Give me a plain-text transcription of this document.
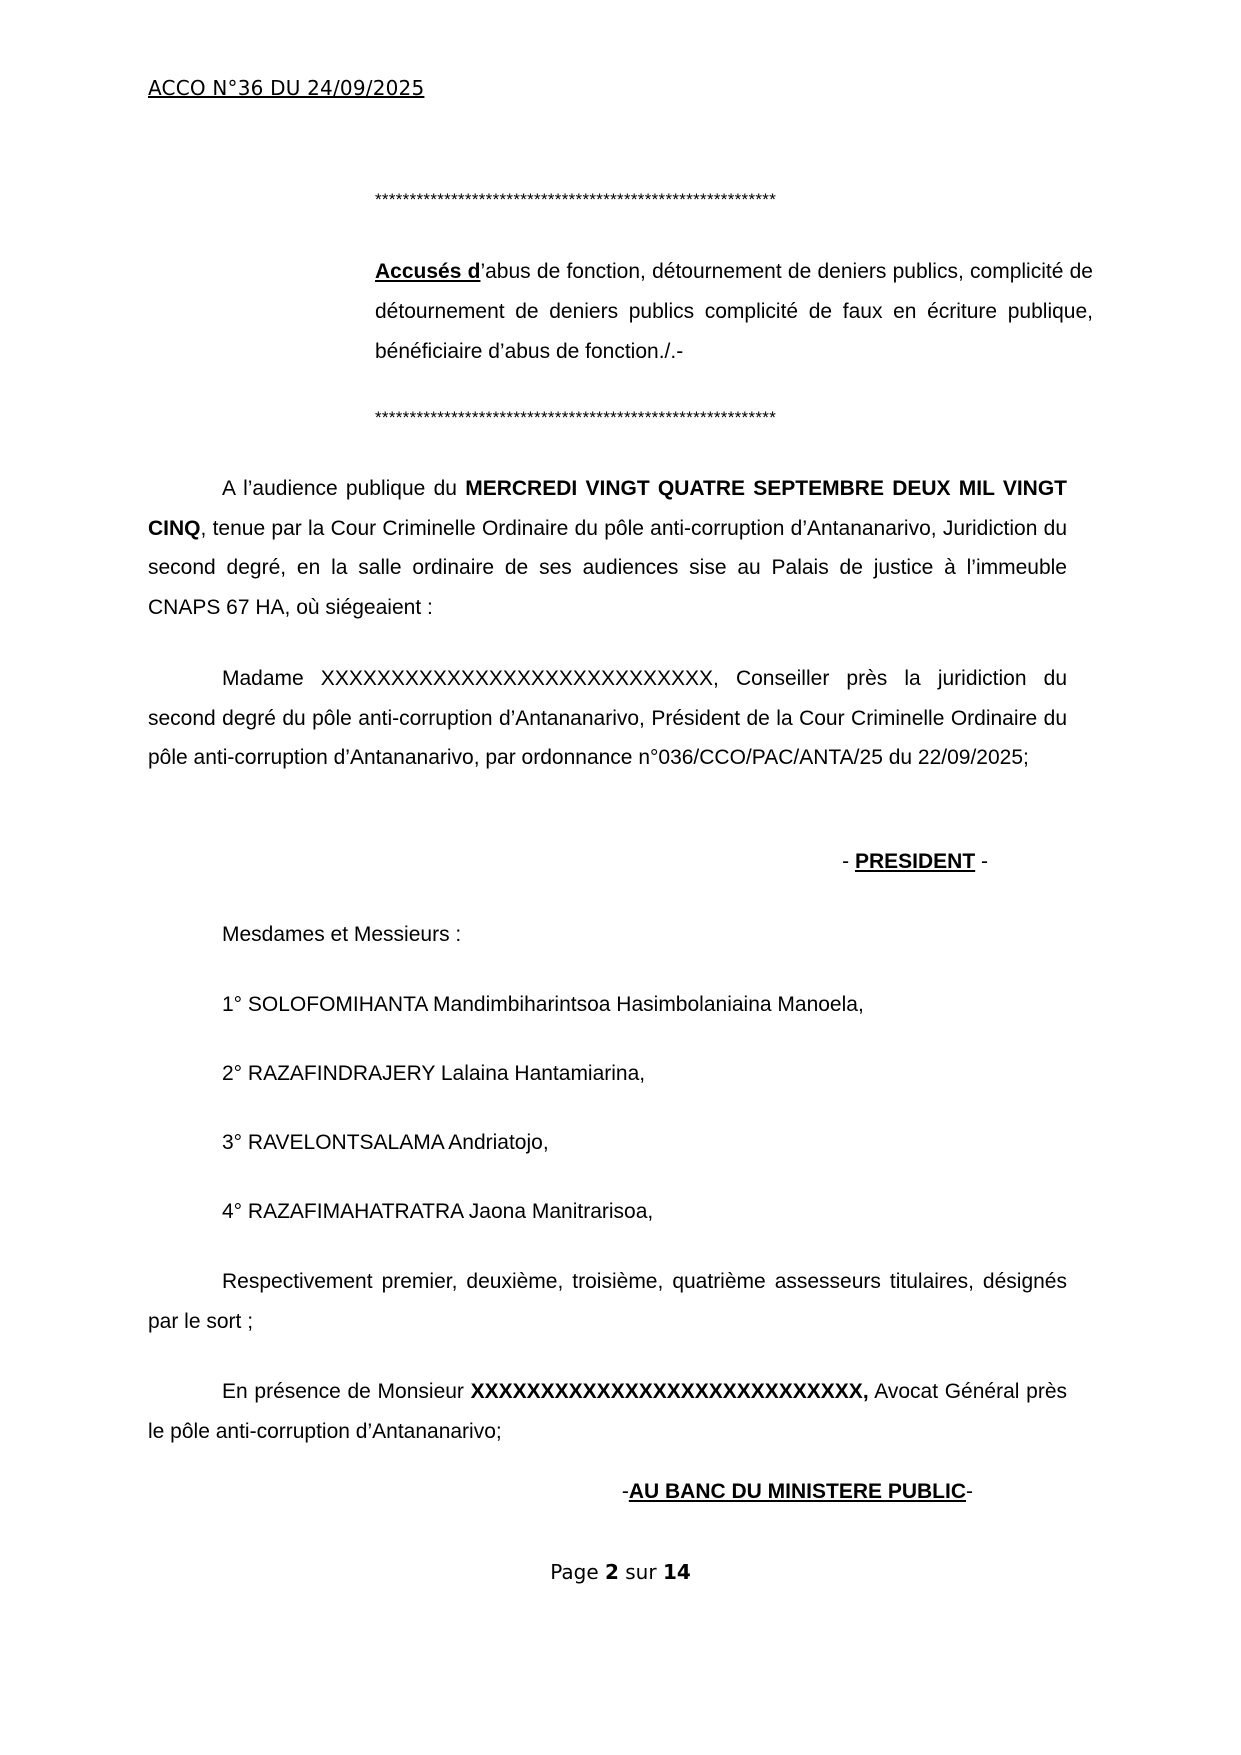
ACCO N°36 DU 24/09/2025
**********************************************************
Accusés d’abus de fonction, détournement de deniers publics, complicité de détournement de deniers publics complicité de faux en écriture publique, bénéficiaire d’abus de fonction./.-
**********************************************************
A l’audience publique du MERCREDI VINGT QUATRE SEPTEMBRE DEUX MIL VINGT CINQ, tenue par la Cour Criminelle Ordinaire du pôle anti-corruption d’Antananarivo, Juridiction du second degré, en la salle ordinaire de ses audiences sise au Palais de justice à l’immeuble CNAPS 67 HA, où siégeaient :
Madame XXXXXXXXXXXXXXXXXXXXXXXXXXXX, Conseiller près la juridiction du second degré du pôle anti-corruption d’Antananarivo, Président de la Cour Criminelle Ordinaire du pôle anti-corruption d’Antananarivo, par ordonnance n°036/CCO/PAC/ANTA/25 du 22/09/2025;
- PRESIDENT -
Mesdames et Messieurs :
1° SOLOFOMIHANTA Mandimbiharintsoa Hasimbolaniaina Manoela,
2° RAZAFINDRAJERY Lalaina Hantamiarina,
3° RAVELONTSALAMA Andriatojo,
4° RAZAFIMAHATRATRA Jaona Manitrarisoa,
Respectivement premier, deuxième, troisième, quatrième assesseurs titulaires, désignés par le sort ;
En présence de Monsieur XXXXXXXXXXXXXXXXXXXXXXXXXXXX, Avocat Général près le pôle anti-corruption d’Antananarivo;
-AU BANC DU MINISTERE PUBLIC-
Page 2 sur 14
